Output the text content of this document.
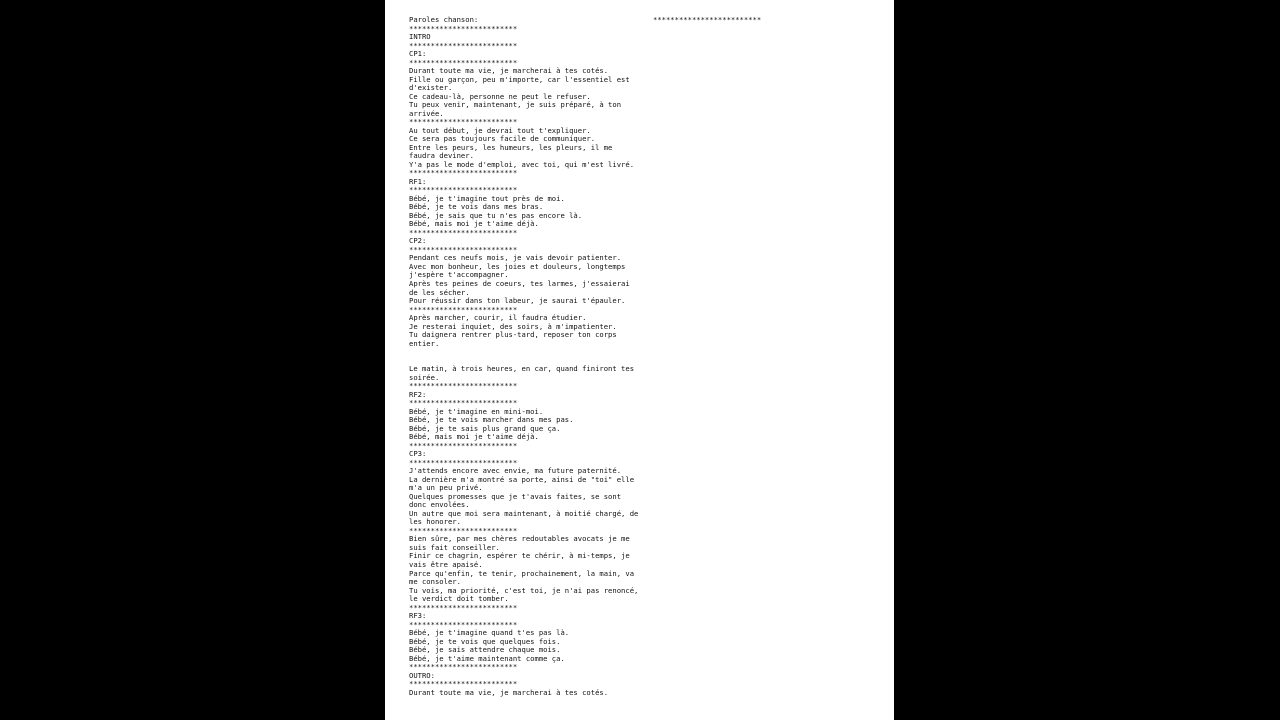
Paroles chanson:
*************************
INTRO
*************************
CP1:
*************************
Durant toute ma vie, je marcherai à tes cotés.
Fille ou garçon, peu m'importe, car l'essentiel est d'exister.
Ce cadeau-là, personne ne peut le refuser.
Tu peux venir, maintenant, je suis préparé, à ton arrivée.
*************************
Au tout début, je devrai tout t'expliquer.
Ce sera pas toujours facile de communiquer.
Entre les peurs, les humeurs, les pleurs, il me faudra deviner.
Y'a pas le mode d'emploi, avec toi, qui m'est livré.
*************************
RF1:
*************************
Bébé, je t'imagine tout près de moi.
Bébé, je te vois dans mes bras.
Bébé, je sais que tu n'es pas encore là.
Bébé, mais moi je t'aime déjà.
*************************
CP2:
*************************
Pendant ces neufs mois, je vais devoir patienter.
Avec mon bonheur, les joies et douleurs, longtemps j'espère t'accompagner.
Après tes peines de coeurs, tes larmes, j'essaierai de les sécher.
Pour réussir dans ton labeur, je saurai t'épauler.
*************************
Après marcher, courir, il faudra étudier.
Je resterai inquiet, des soirs, à m'impatienter.
Tu daignera rentrer plus-tard, reposer ton corps entier.
Le matin, à trois heures, en car, quand finiront tes soirée.
*************************
RF2:
*************************
Bébé, je t'imagine en mini-moi.
Bébé, je te vois marcher dans mes pas.
Bébé, je te sais plus grand que ça.
Bébé, mais moi je t'aime déjà.
*************************
CP3:
*************************
J'attends encore avec envie, ma future paternité.
La dernière m'a montré sa porte, ainsi de "toi" elle m'a un peu privé.
Quelques promesses que je t'avais faites, se sont donc envolées.
Un autre que moi sera maintenant, à moitié chargé, de les honorer.
*************************
Bien sûre, par mes chères redoutables avocats je me suis fait conseiller.
Finir ce chagrin, espérer te chérir, à mi-temps, je vais être apaisé.
Parce qu'enfin, te tenir, prochainement, la main, va me consoler.
Tu vois, ma priorité, c'est toi, je n'ai pas renoncé, le verdict doit tomber.
*************************
RF3:
*************************
Bébé, je t'imagine quand t'es pas là.
Bébé, je te vois que quelques fois.
Bébé, je sais attendre chaque mois.
Bébé, je t'aime maintenant comme ça.
*************************
OUTRO:
*************************
Durant toute ma vie, je marcherai à tes cotés.
*************************
